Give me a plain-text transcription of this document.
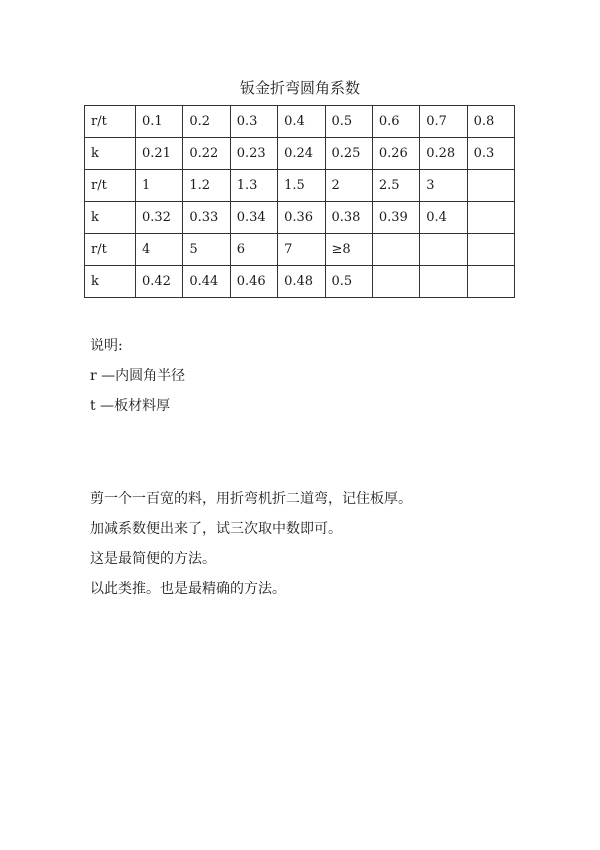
钣金折弯圆角系数
r/t	0.1	0.2	0.3	0.4	0.5	0.6	0.7	0.8
k	0.21	0.22	0.23	0.24	0.25	0.26	0.28	0.3
r/t	1	1.2	1.3	1.5	2	2.5	3	
k	0.32	0.33	0.34	0.36	0.38	0.39	0.4	
r/t	4	5	6	7	≥8			
k	0.42	0.44	0.46	0.48	0.5			
说明:
r —内圆角半径
t —板材料厚

剪一个一百宽的料，用折弯机折二道弯，记住板厚。

加减系数便出来了，试三次取中数即可。

这是最简便的方法。

以此类推。也是最精确的方法。
